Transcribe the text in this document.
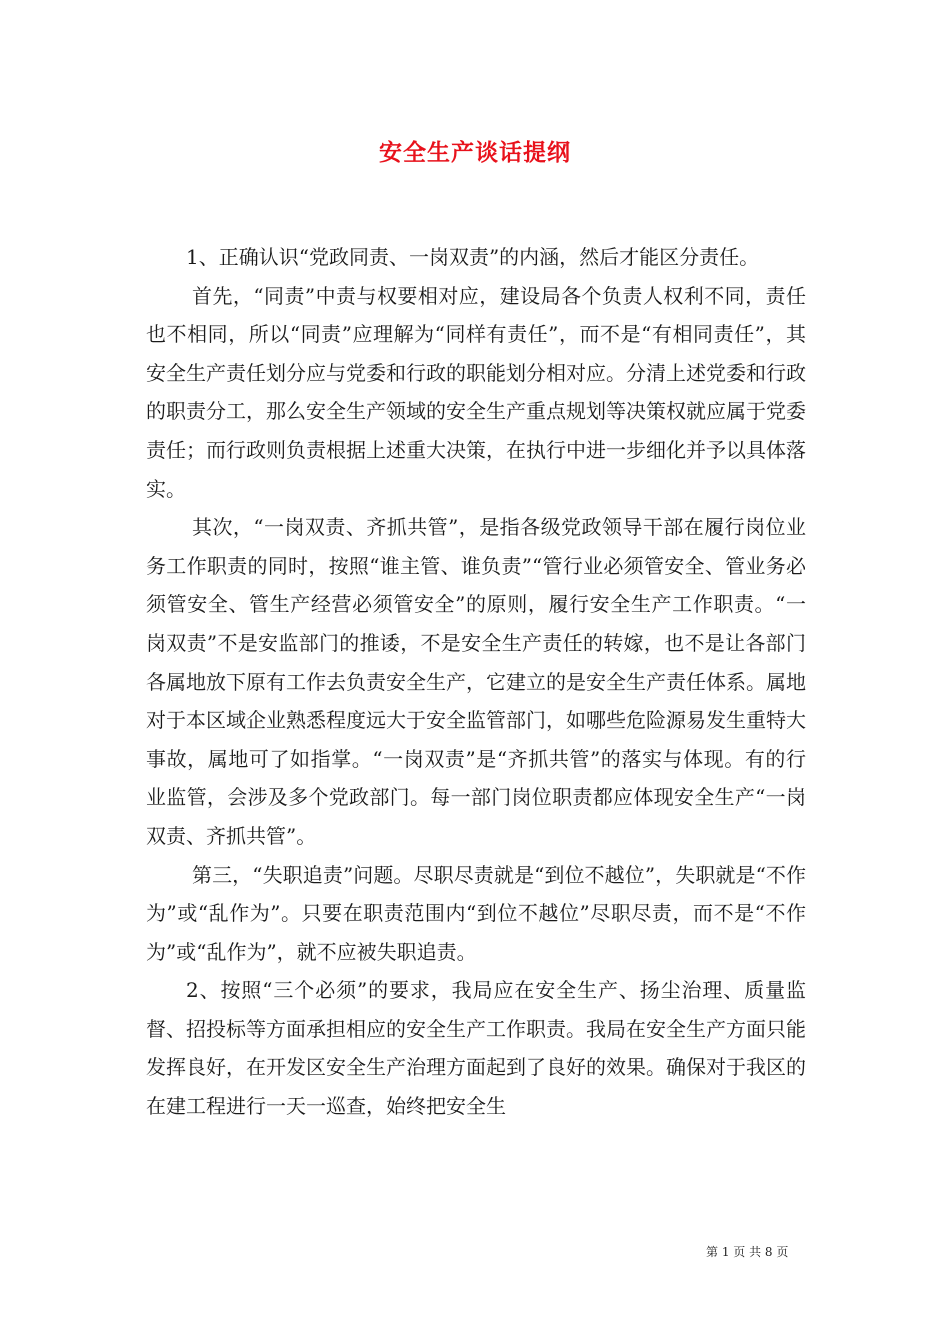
安全生产谈话提纲

1、正确认识“党政同责、一岗双责”的内涵，然后才能区分责任。

首先，“同责”中责与权要相对应，建设局各个负责人权利不同，责任也不相同，所以“同责”应理解为“同样有责任”，而不是“有相同责任”，其安全生产责任划分应与党委和行政的职能划分相对应。分清上述党委和行政的职责分工，那么安全生产领域的安全生产重点规划等决策权就应属于党委责任；而行政则负责根据上述重大决策，在执行中进一步细化并予以具体落实。

其次，“一岗双责、齐抓共管”，是指各级党政领导干部在履行岗位业务工作职责的同时，按照“谁主管、谁负责”“管行业必须管安全、管业务必须管安全、管生产经营必须管安全”的原则，履行安全生产工作职责。“一岗双责”不是安监部门的推诿，不是安全生产责任的转嫁，也不是让各部门各属地放下原有工作去负责安全生产，它建立的是安全生产责任体系。属地对于本区域企业熟悉程度远大于安全监管部门，如哪些危险源易发生重特大事故，属地可了如指掌。“一岗双责”是“齐抓共管”的落实与体现。有的行业监管，会涉及多个党政部门。每一部门岗位职责都应体现安全生产“一岗双责、齐抓共管”。

第三，“失职追责”问题。尽职尽责就是“到位不越位”，失职就是“不作为”或“乱作为”。只要在职责范围内“到位不越位”尽职尽责，而不是“不作为”或“乱作为”，就不应被失职追责。

2、按照“三个必须”的要求，我局应在安全生产、扬尘治理、质量监督、招投标等方面承担相应的安全生产工作职责。我局在安全生产方面只能发挥良好，在开发区安全生产治理方面起到了良好的效果。确保对于我区的在建工程进行一天一巡查，始终把安全生

第 1 页 共 8 页
